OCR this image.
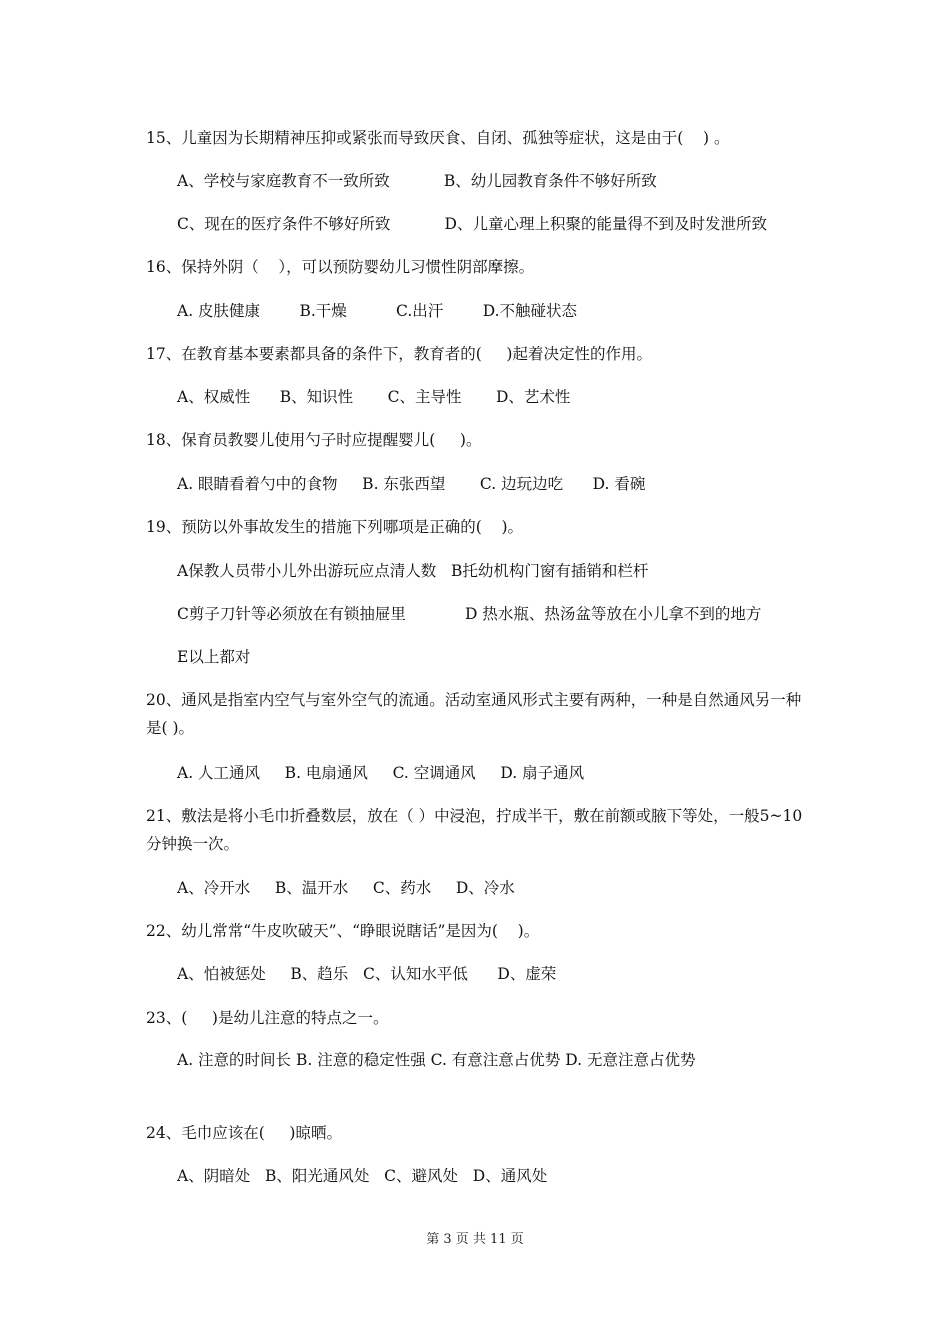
15、儿童因为长期精神压抑或紧张而导致厌食、自闭、孤独等症状，这是由于(    ) 。
A、学校与家庭教育不一致所致           B、幼儿园教育条件不够好所致
C、现在的医疗条件不够好所致           D、儿童心理上积聚的能量得不到及时发泄所致
16、保持外阴（    ），可以预防婴幼儿习惯性阴部摩擦。
A. 皮肤健康        B.干燥          C.出汗        D.不触碰状态
17、在教育基本要素都具备的条件下，教育者的(     )起着决定性的作用。
A、权威性      B、知识性       C、主导性       D、艺术性
18、保育员教婴儿使用勺子时应提醒婴儿(     )。
A. 眼睛看着勺中的食物     B. 东张西望       C. 边玩边吃      D. 看碗
19、预防以外事故发生的措施下列哪项是正确的(    )。
A保教人员带小儿外出游玩应点清人数   B托幼机构门窗有插销和栏杆
C剪子刀针等必须放在有锁抽屉里            D 热水瓶、热汤盆等放在小儿拿不到的地方
E以上都对
20、通风是指室内空气与室外空气的流通。活动室通风形式主要有两种，一种是自然通风另一种是( )。
A. 人工通风     B. 电扇通风     C. 空调通风     D. 扇子通风
21、敷法是将小毛巾折叠数层，放在（ ）中浸泡，拧成半干，敷在前额或腋下等处，一般5~10分钟换一次。
A、冷开水     B、温开水     C、药水     D、冷水
22、幼儿常常“牛皮吹破天”、“睁眼说瞎话”是因为(    )。
A、怕被惩处     B、趋乐   C、认知水平低      D、虚荣
23、(     )是幼儿注意的特点之一。
A. 注意的时间长 B. 注意的稳定性强 C. 有意注意占优势 D. 无意注意占优势
24、毛巾应该在(     )晾晒。
A、阴暗处   B、阳光通风处   C、避风处   D、通风处
第 3 页 共 11 页
